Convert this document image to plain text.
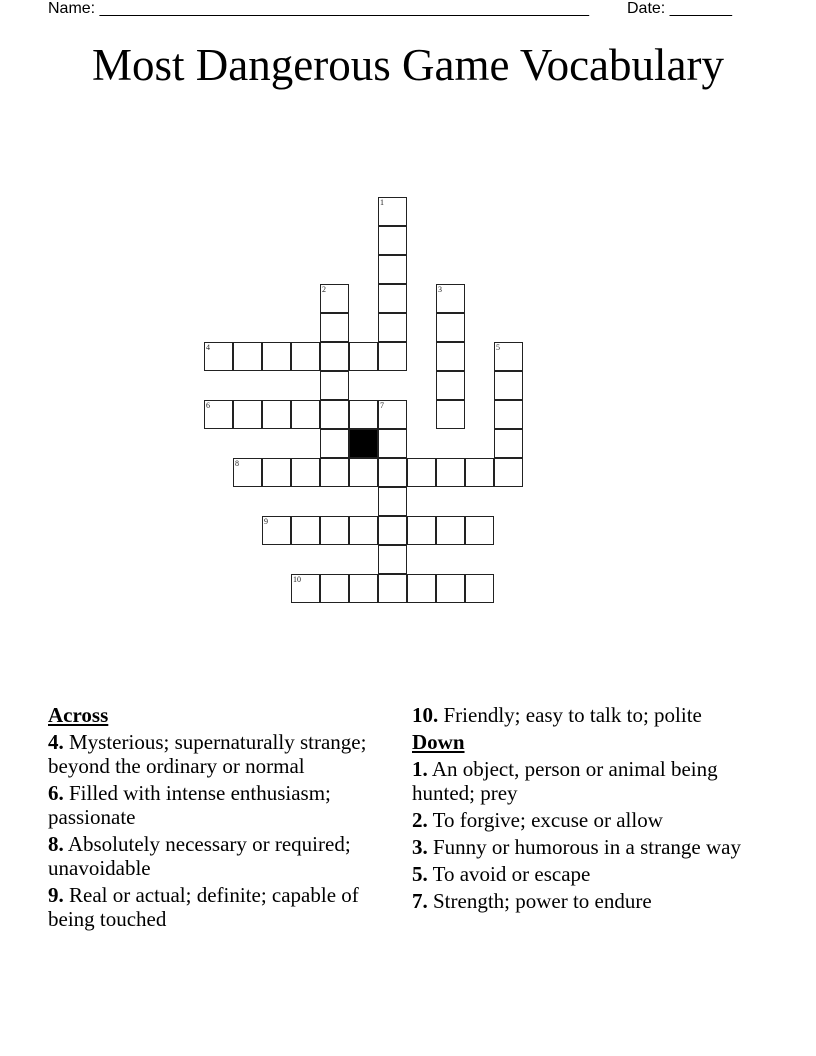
Name: _______________________________________________________ Date: _______
Most Dangerous Game Vocabulary
1
2	3
4	5
6	7
8
9
10
Across
4. Mysterious; supernaturally strange; beyond the ordinary or normal
6. Filled with intense enthusiasm; passionate
8. Absolutely necessary or required; unavoidable
9. Real or actual; definite; capable of being touched
10. Friendly; easy to talk to; polite
Down
1. An object, person or animal being hunted; prey
2. To forgive; excuse or allow
3. Funny or humorous in a strange way
5. To avoid or escape
7. Strength; power to endure
